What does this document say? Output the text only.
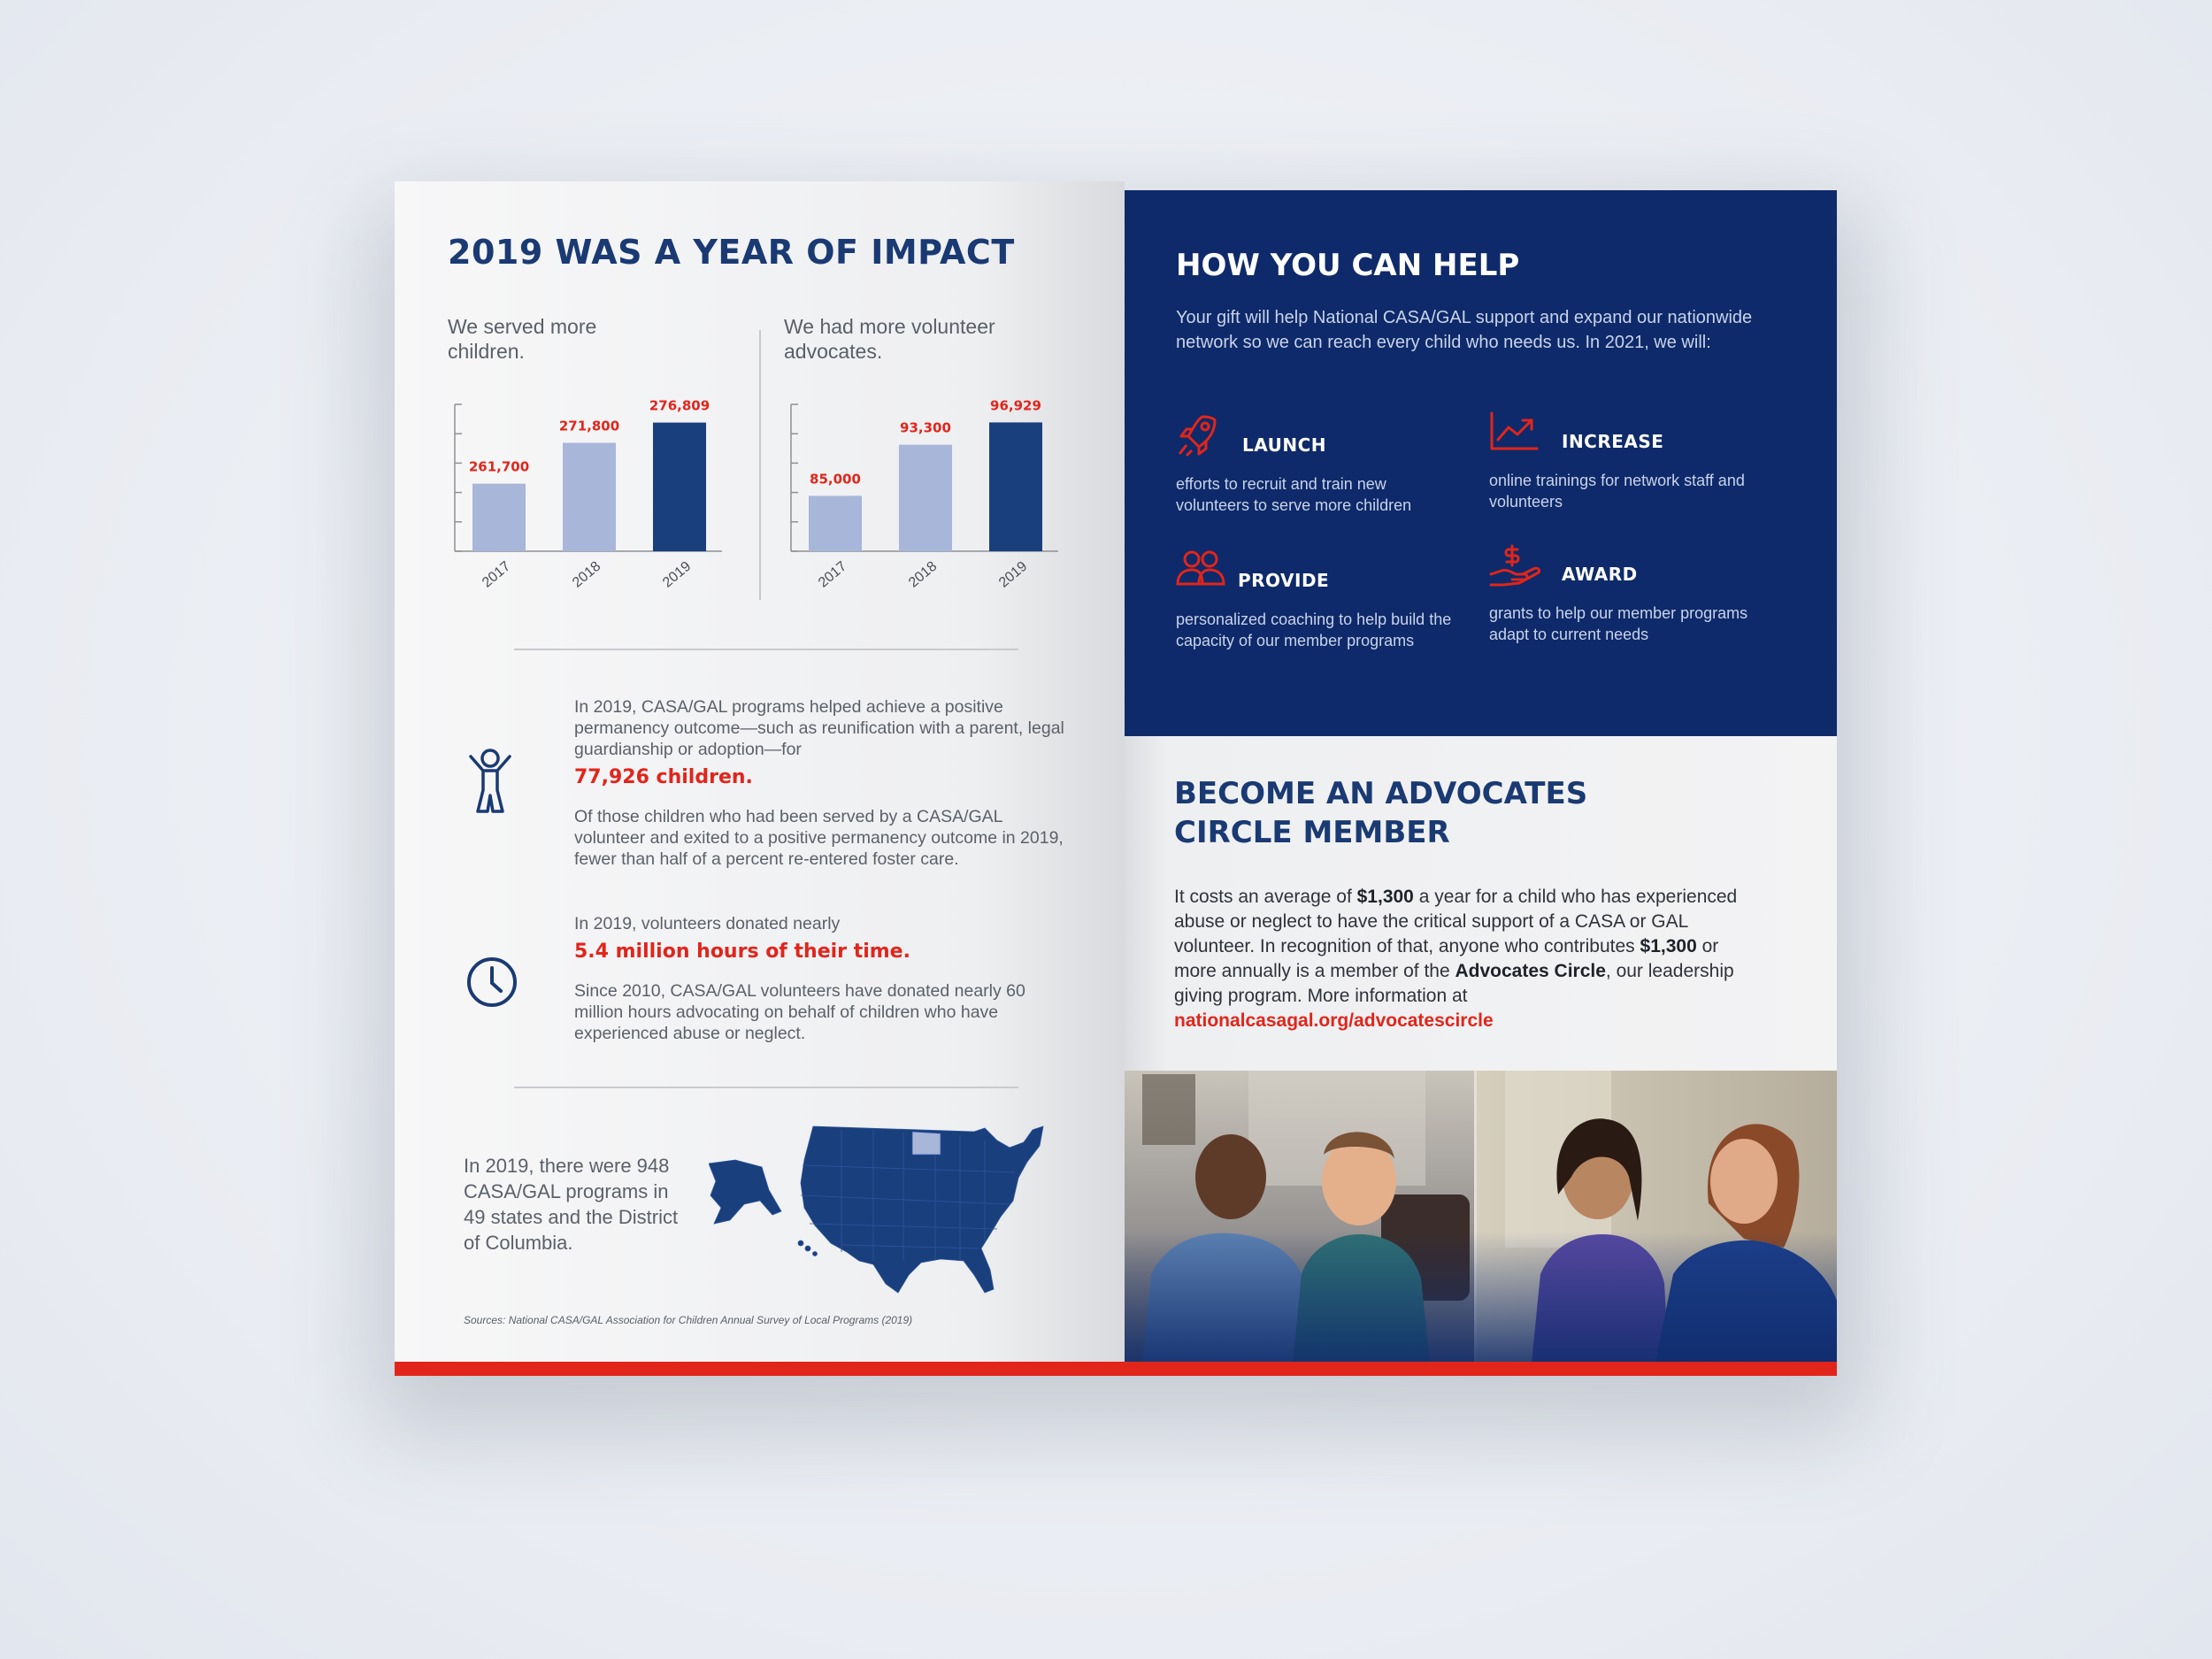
2019 WAS A YEAR OF IMPACT
We served more children.
261,700
2017
271,800
2018
276,809
2019
We had more volunteer advocates.
85,000
2017
93,300
2018
96,929
2019

In 2019, CASA/GAL programs helped achieve a positive permanency outcome—such as reunification with a parent, legal guardianship or adoption—for

77,926 children.

Of those children who had been served by a CASA/GAL volunteer and exited to a positive permanency outcome in 2019, fewer than half of a percent re-entered foster care.

In 2019, volunteers donated nearly

5.4 million hours of their time.

Since 2010, CASA/GAL volunteers have donated nearly 60 million hours advocating on behalf of children who have experienced abuse or neglect.

In 2019, there were 948 CASA/GAL programs in 49 states and the District of Columbia.
Sources: National CASA/GAL Association for Children Annual Survey of Local Programs (2019)
HOW YOU CAN HELP

Your gift will help National CASA/GAL support and expand our nationwide network so we can reach every child who needs us. In 2021, we will:

LAUNCH
efforts to recruit and train new volunteers to serve more children
INCREASE
online trainings for network staff and volunteers
PROVIDE
personalized coaching to help build the capacity of our member programs
AWARD
grants to help our member programs adapt to current needs
BECOME AN ADVOCATES
CIRCLE MEMBER

It costs an average of $1,300 a year for a child who has experienced abuse or neglect to have the critical support of a CASA or GAL volunteer. In recognition of that, anyone who contributes $1,300 or more annually is a member of the Advocates Circle, our leadership giving program. More information at nationalcasagal.org/advocatescircle
